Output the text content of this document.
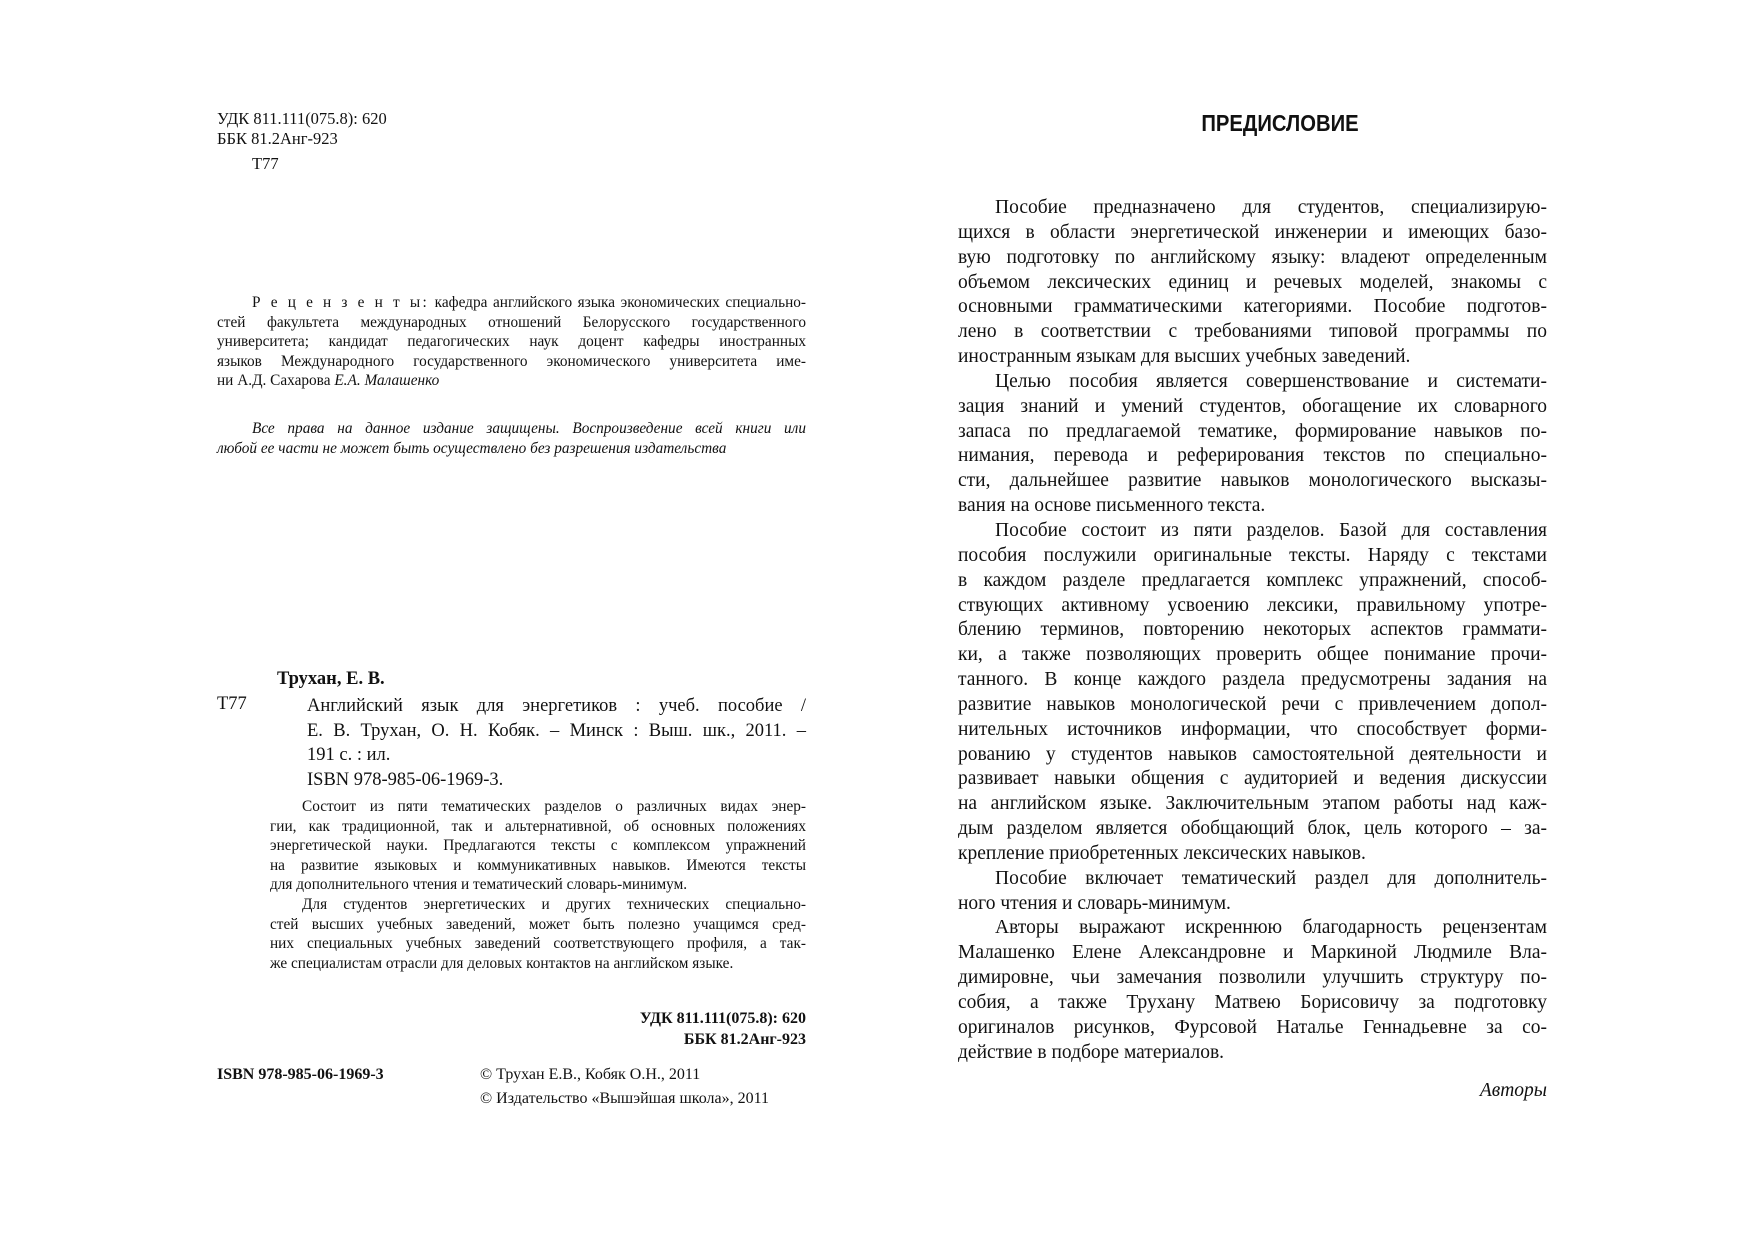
УДК 811.111(075.8): 620
ББК 81.2Анг-923
Т77
Р е ц е н з е н т ы: кафедра английского языка экономических специально-
стей факультета международных отношений Белорусского государственного
университета; кандидат педагогических наук доцент кафедры иностранных
языков Международного государственного экономического университета име-
ни А.Д. Сахарова Е.А. Малашенко
Все права на данное издание защищены. Воспроизведение всей книги или
любой ее части не может быть осуществлено без разрешения издательства
Трухан, Е. В.
Т77	Английский язык для энергетиков : учеб. пособие /
Е. В. Трухан, О. Н. Кобяк. – Минск : Выш. шк., 2011. –
191 с. : ил.
ISBN 978-985-06-1969-3.
Состоит из пяти тематических разделов о различных видах энер-
гии, как традиционной, так и альтернативной, об основных положениях
энергетической науки. Предлагаются тексты с комплексом упражнений
на развитие языковых и коммуникативных навыков. Имеются тексты
для дополнительного чтения и тематический словарь-минимум.
Для студентов энергетических и других технических специально-
стей высших учебных заведений, может быть полезно учащимся сред-
них специальных учебных заведений соответствующего профиля, а так-
же специалистам отрасли для деловых контактов на английском языке.
УДК 811.111(075.8): 620
ББК 81.2Анг-923
ISBN 978-985-06-1969-3	© Трухан Е.В., Кобяк О.Н., 2011
© Издательство «Вышэйшая школа», 2011
ПРЕДИСЛОВИЕ
Пособие предназначено для студентов, специализирую-
щихся в области энергетической инженерии и имеющих базо-
вую подготовку по английскому языку: владеют определенным
объемом лексических единиц и речевых моделей, знакомы с
основными грамматическими категориями. Пособие подготов-
лено в соответствии с требованиями типовой программы по
иностранным языкам для высших учебных заведений.
Целью пособия является совершенствование и системати-
зация знаний и умений студентов, обогащение их словарного
запаса по предлагаемой тематике, формирование навыков по-
нимания, перевода и реферирования текстов по специально-
сти, дальнейшее развитие навыков монологического высказы-
вания на основе письменного текста.
Пособие состоит из пяти разделов. Базой для составления
пособия послужили оригинальные тексты. Наряду с текстами
в каждом разделе предлагается комплекс упражнений, способ-
ствующих активному усвоению лексики, правильному употре-
блению терминов, повторению некоторых аспектов граммати-
ки, а также позволяющих проверить общее понимание прочи-
танного. В конце каждого раздела предусмотрены задания на
развитие навыков монологической речи с привлечением допол-
нительных источников информации, что способствует форми-
рованию у студентов навыков самостоятельной деятельности и
развивает навыки общения с аудиторией и ведения дискуссии
на английском языке. Заключительным этапом работы над каж-
дым разделом является обобщающий блок, цель которого – за-
крепление приобретенных лексических навыков.
Пособие включает тематический раздел для дополнитель-
ного чтения и словарь-минимум.
Авторы выражают искреннюю благодарность рецензентам
Малашенко Елене Александровне и Маркиной Людмиле Вла-
димировне, чьи замечания позволили улучшить структуру по-
собия, а также Трухану Матвею Борисовичу за подготовку
оригиналов рисунков, Фурсовой Наталье Геннадьевне за со-
действие в подборе материалов.
Авторы
